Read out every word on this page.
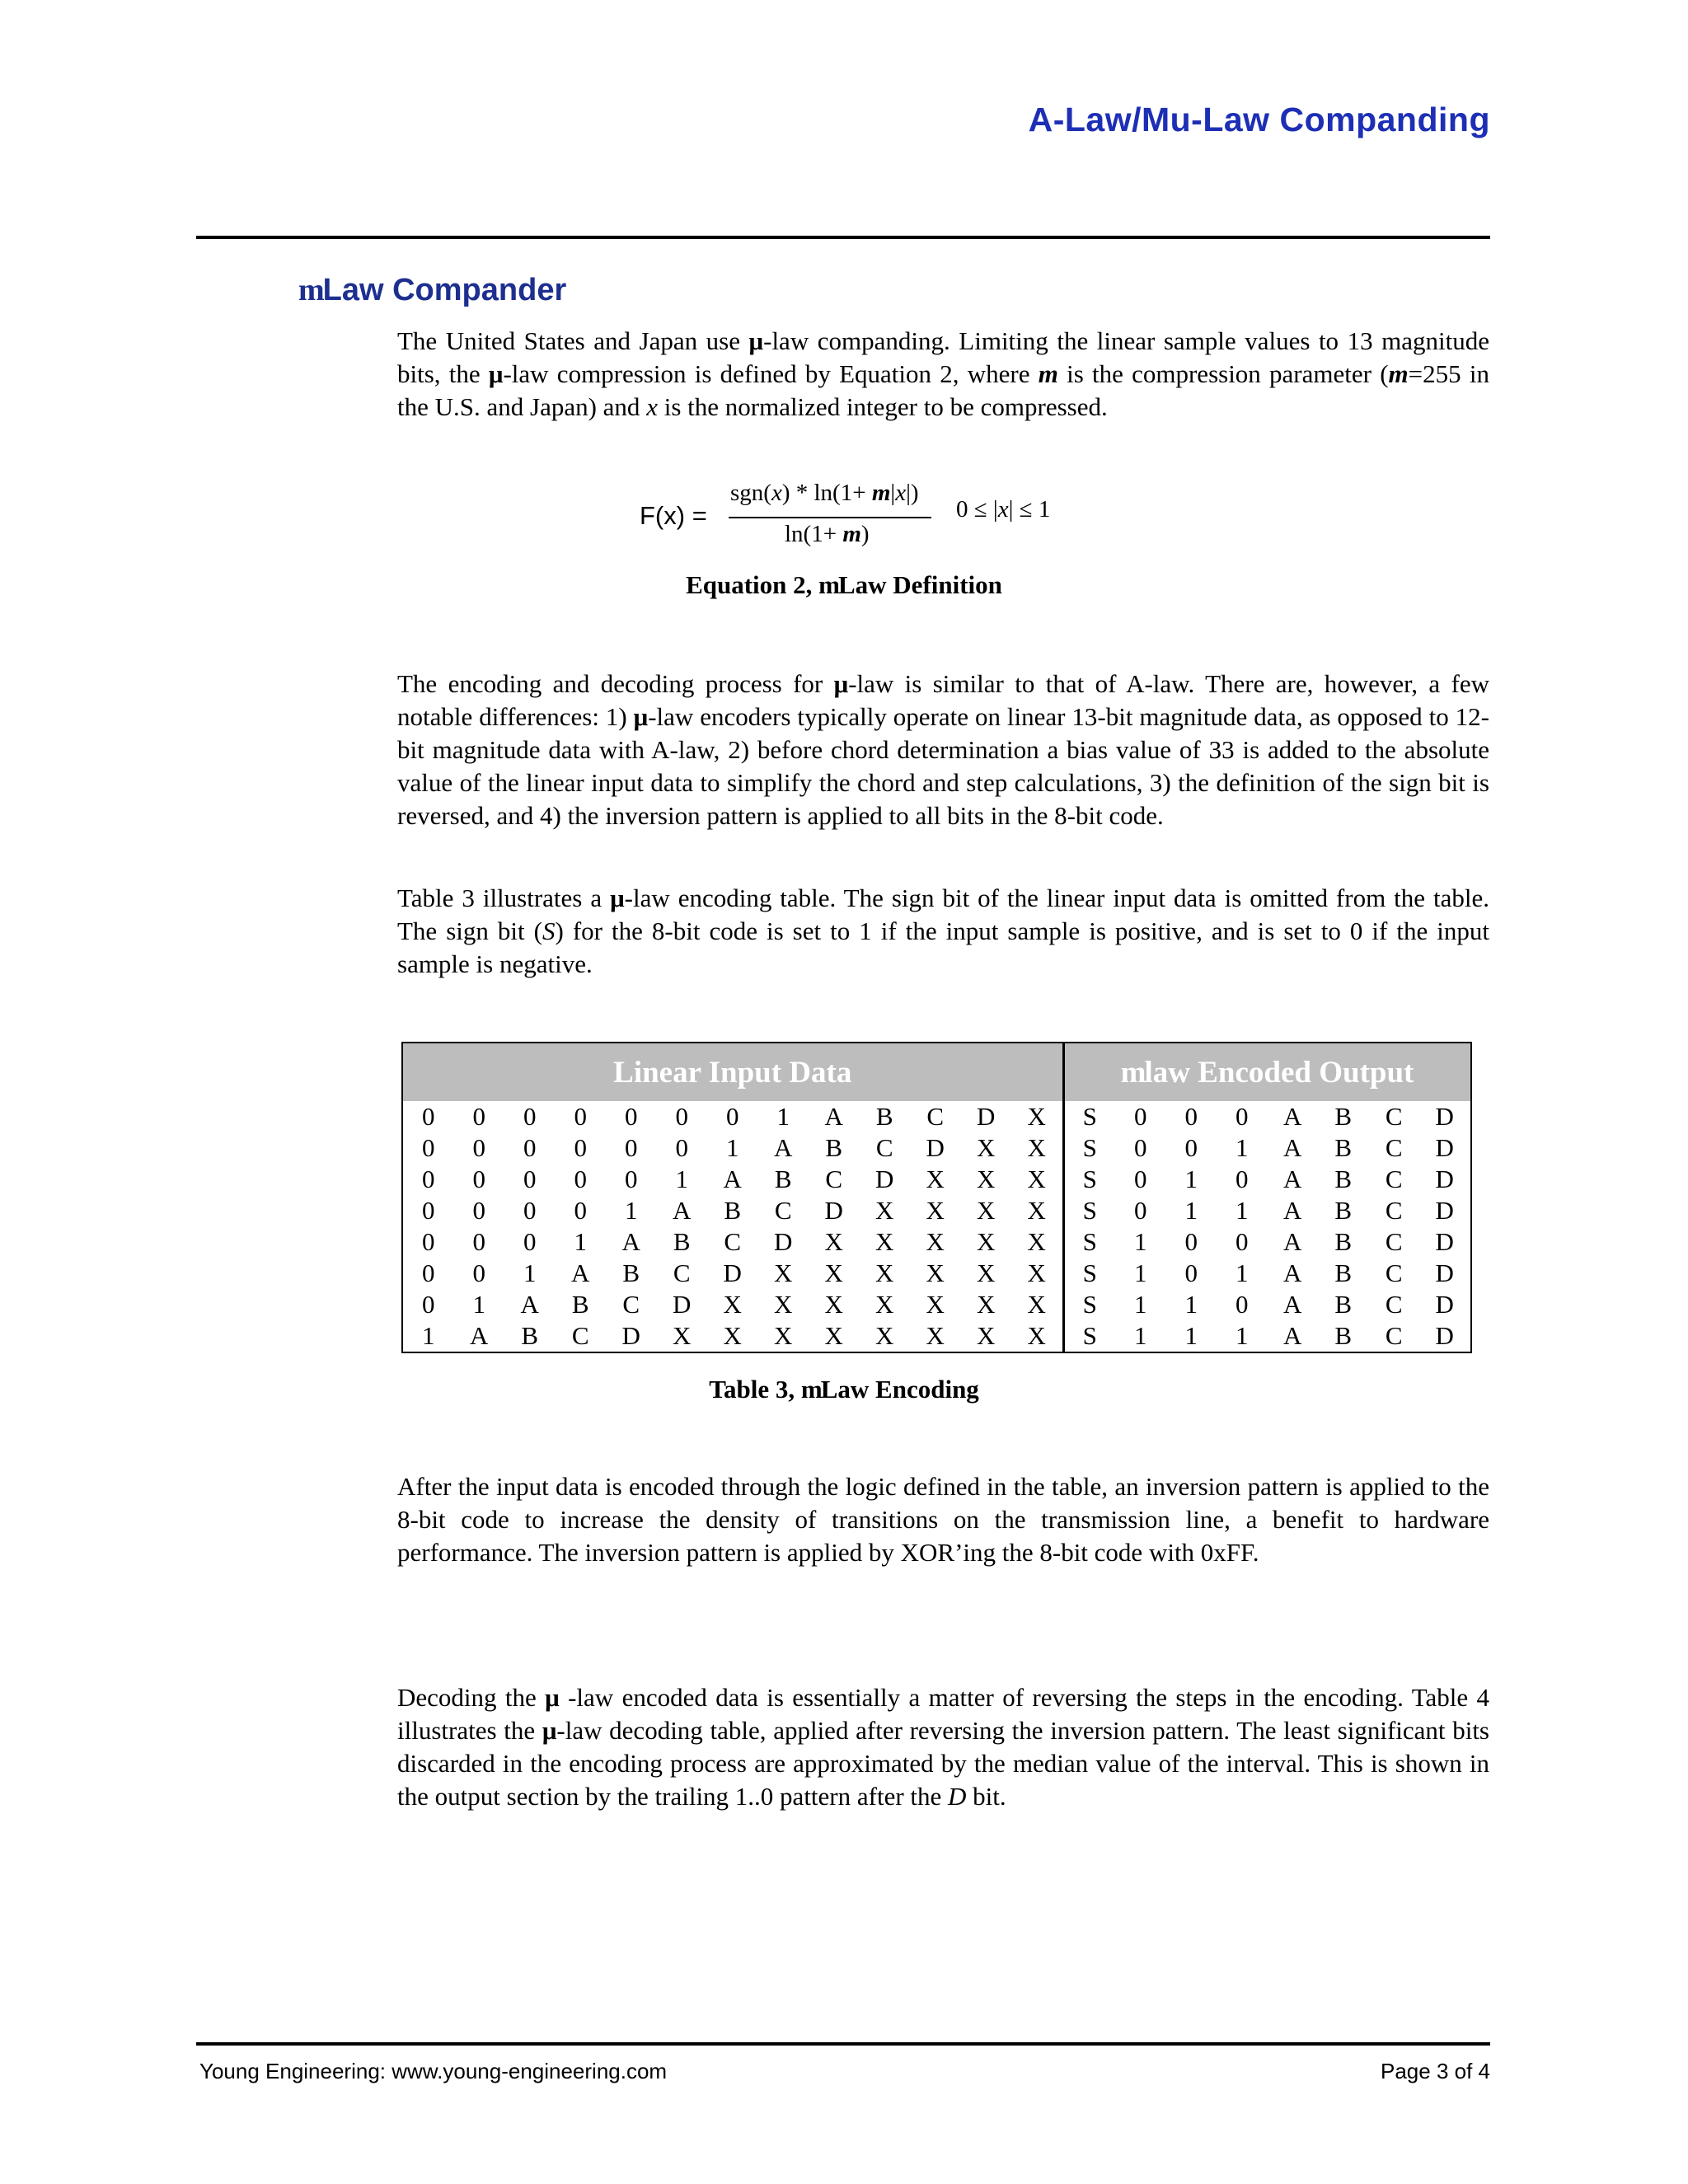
A-Law/Mu-Law Companding
mLaw Compander
The United States and Japan use μ-law companding. Limiting the linear sample values to 13 magnitude bits, the μ-law compression is defined by Equation 2, where m is the compression parameter (m=255 in the U.S. and Japan) and x is the normalized integer to be compressed.
F(x) =
sgn(x) * ln(1+ m|x|)
ln(1+ m)
0 ≤ |x| ≤ 1
Equation 2, mLaw Definition
The encoding and decoding process for μ-law is similar to that of A-law. There are, however, a few notable differences: 1) μ-law encoders typically operate on linear 13-bit magnitude data, as opposed to 12-bit magnitude data with A-law, 2) before chord determination a bias value of 33 is added to the absolute value of the linear input data to simplify the chord and step calculations, 3) the definition of the sign bit is reversed, and 4) the inversion pattern is applied to all bits in the 8-bit code.
Table 3 illustrates a μ-law encoding table. The sign bit of the linear input data is omitted from the table. The sign bit (S) for the 8-bit code is set to 1 if the input sample is positive, and is set to 0 if the input sample is negative.
Linear Input Data													mlaw Encoded Output							
0	0	0	0	0	0	0	1	A	B	C	D	X	S	0	0	0	A	B	C	D
0	0	0	0	0	0	1	A	B	C	D	X	X	S	0	0	1	A	B	C	D
0	0	0	0	0	1	A	B	C	D	X	X	X	S	0	1	0	A	B	C	D
0	0	0	0	1	A	B	C	D	X	X	X	X	S	0	1	1	A	B	C	D
0	0	0	1	A	B	C	D	X	X	X	X	X	S	1	0	0	A	B	C	D
0	0	1	A	B	C	D	X	X	X	X	X	X	S	1	0	1	A	B	C	D
0	1	A	B	C	D	X	X	X	X	X	X	X	S	1	1	0	A	B	C	D
1	A	B	C	D	X	X	X	X	X	X	X	X	S	1	1	1	A	B	C	D
Table 3, mLaw Encoding
After the input data is encoded through the logic defined in the table, an inversion pattern is applied to the 8-bit code to increase the density of transitions on the transmission line, a benefit to hardware performance. The inversion pattern is applied by XOR’ing the 8-bit code with 0xFF.
Decoding the μ -law encoded data is essentially a matter of reversing the steps in the encoding. Table 4 illustrates the μ-law decoding table, applied after reversing the inversion pattern. The least significant bits discarded in the encoding process are approximated by the median value of the interval. This is shown in the output section by the trailing 1..0 pattern after the D bit.
Young Engineering: www.young-engineering.com	Page 3 of 4
